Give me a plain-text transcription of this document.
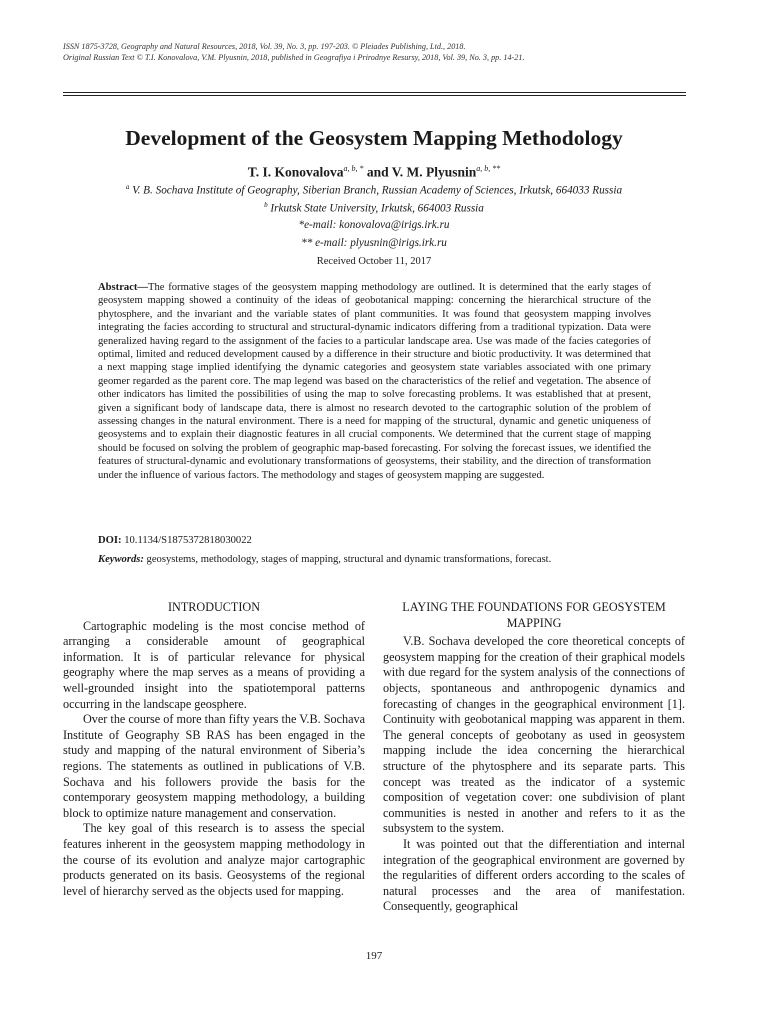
ISSN 1875-3728, Geography and Natural Resources, 2018, Vol. 39, No. 3, pp. 197-203. © Pleiades Publishing, Ltd., 2018.
Original Russian Text © T.I. Konovalova, V.M. Plyusnin, 2018, published in Geografiya i Prirodnye Resursy, 2018, Vol. 39, No. 3, pp. 14-21.
Development of the Geosystem Mapping Methodology
T. I. Konovalova$^{a, b, *}$ and V. M. Plyusnin$^{a, b, **}$
$^a$ V. B. Sochava Institute of Geography, Siberian Branch, Russian Academy of Sciences, Irkutsk, 664033 Russia
$^b$ Irkutsk State University, Irkutsk, 664003 Russia
*e-mail: konovalova@irigs.irk.ru
** e-mail: plyusnin@irigs.irk.ru
Received October 11, 2017
Abstract—The formative stages of the geosystem mapping methodology are outlined. It is determined that the early stages of geosystem mapping showed a continuity of the ideas of geobotanical mapping: concerning the hierarchical structure of the phytosphere, and the invariant and the variable states of plant communities. It was found that geosystem mapping involves integrating the facies according to structural and structural-dynamic indicators differing from a traditional typization. Data were generalized having regard to the assignment of the facies to a particular landscape area. Use was made of the facies categories of optimal, limited and reduced development caused by a difference in their structure and biotic productivity. It was determined that a next mapping stage implied identifying the dynamic categories and geosystem state variables associated with one primary geomer regarded as the parent core. The map legend was based on the characteristics of the relief and vegetation. The absence of other indicators has limited the possibilities of using the map to solve forecasting problems. It was established that at present, given a significant body of landscape data, there is almost no research devoted to the cartographic solution of the problem of assessing changes in the natural environment. There is a need for mapping of the structural, dynamic and genetic uniqueness of geosystems and to explain their diagnostic features in all crucial components. We determined that the current stage of mapping should be focused on solving the problem of geographic map-based forecasting. For solving the forecast issues, we identified the features of structural-dynamic and evolutionary transformations of geosystems, their stability, and the direction of transformation under the influence of various factors. The methodology and stages of geosystem mapping are suggested.
DOI: 10.1134/S1875372818030022
Keywords: geosystems, methodology, stages of mapping, structural and dynamic transformations, forecast.
INTRODUCTION

Cartographic modeling is the most concise method of arranging a considerable amount of geographical information. It is of particular relevance for physical geography where the map serves as a means of providing a well-grounded insight into the spatiotemporal patterns occurring in the landscape geosphere.

Over the course of more than fifty years the V.B. Sochava Institute of Geography SB RAS has been engaged in the study and mapping of the natural environment of Siberia’s regions. The statements as outlined in publications of V.B. Sochava and his followers provide the basis for the contemporary geosystem mapping methodology, a building block to optimize nature management and conservation.

The key goal of this research is to assess the special features inherent in the geosystem mapping methodology in the course of its evolution and analyze major cartographic products generated on its basis. Geosystems of the regional level of hierarchy served as the objects used for mapping.

LAYING THE FOUNDATIONS FOR GEOSYSTEM MAPPING

V.B. Sochava developed the core theoretical concepts of geosystem mapping for the creation of their graphical models with due regard for the system analysis of the connections of objects, spontaneous and anthropogenic dynamics and forecasting of changes in the geographical environment [1]. Continuity with geobotanical mapping was apparent in them. The general concepts of geobotany as used in geosystem mapping include the idea concerning the hierarchical structure of the phytosphere and its separate parts. This concept was treated as the indicator of a systemic composition of vegetation cover: one subdivision of plant communities is nested in another and refers to it as the subsystem to the system.

It was pointed out that the differentiation and internal integration of the geographical environment are governed by the regularities of different orders according to the scales of natural processes and the area of manifestation. Consequently, geographical

197
